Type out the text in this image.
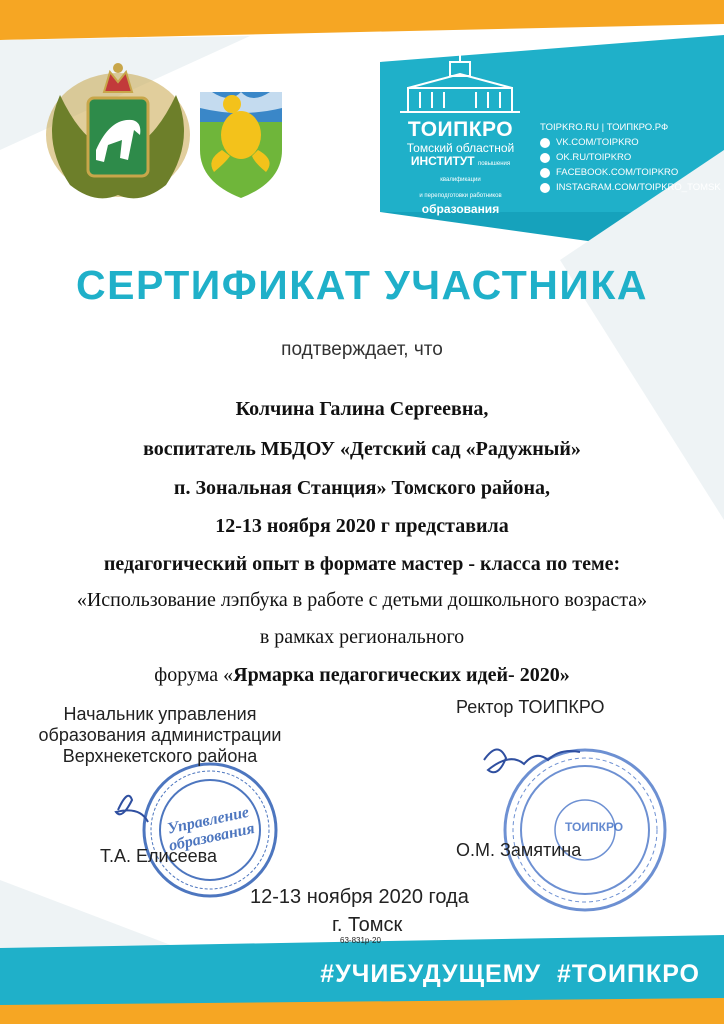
ТОИПКРО
Томский областной
ИНСТИТУТ повышения квалификации
и переподготовки работников образования
TOIPKRO.RU | ТОИПКРО.РФ
VK.COM/TOIPKRO
OK.RU/TOIPKRO
FACEBOOK.COM/TOIPKRO
INSTAGRAM.COM/TOIPKRO_TOMSK
СЕРТИФИКАТ УЧАСТНИКА
подтверждает, что
Колчина Галина Сергеевна,
воспитатель МБДОУ «Детский сад «Радужный»
п. Зональная Станция» Томского района,
12-13 ноября 2020 г представила
педагогический опыт в формате мастер - класса по теме:
«Использование лэпбука в работе с детьми дошкольного возраста»
в рамках регионального
форума «Ярмарка педагогических идей- 2020»
Начальник управления образования администрации Верхнекетского района
Т.А. Елисеева
Управление образования
Ректор ТОИПКРО
О.М. Замятина
ТОИПКРО
12-13 ноября 2020 года
г. Томск
63-831р-20
#УЧИБУДУЩЕМУ  #ТОИПКРО
